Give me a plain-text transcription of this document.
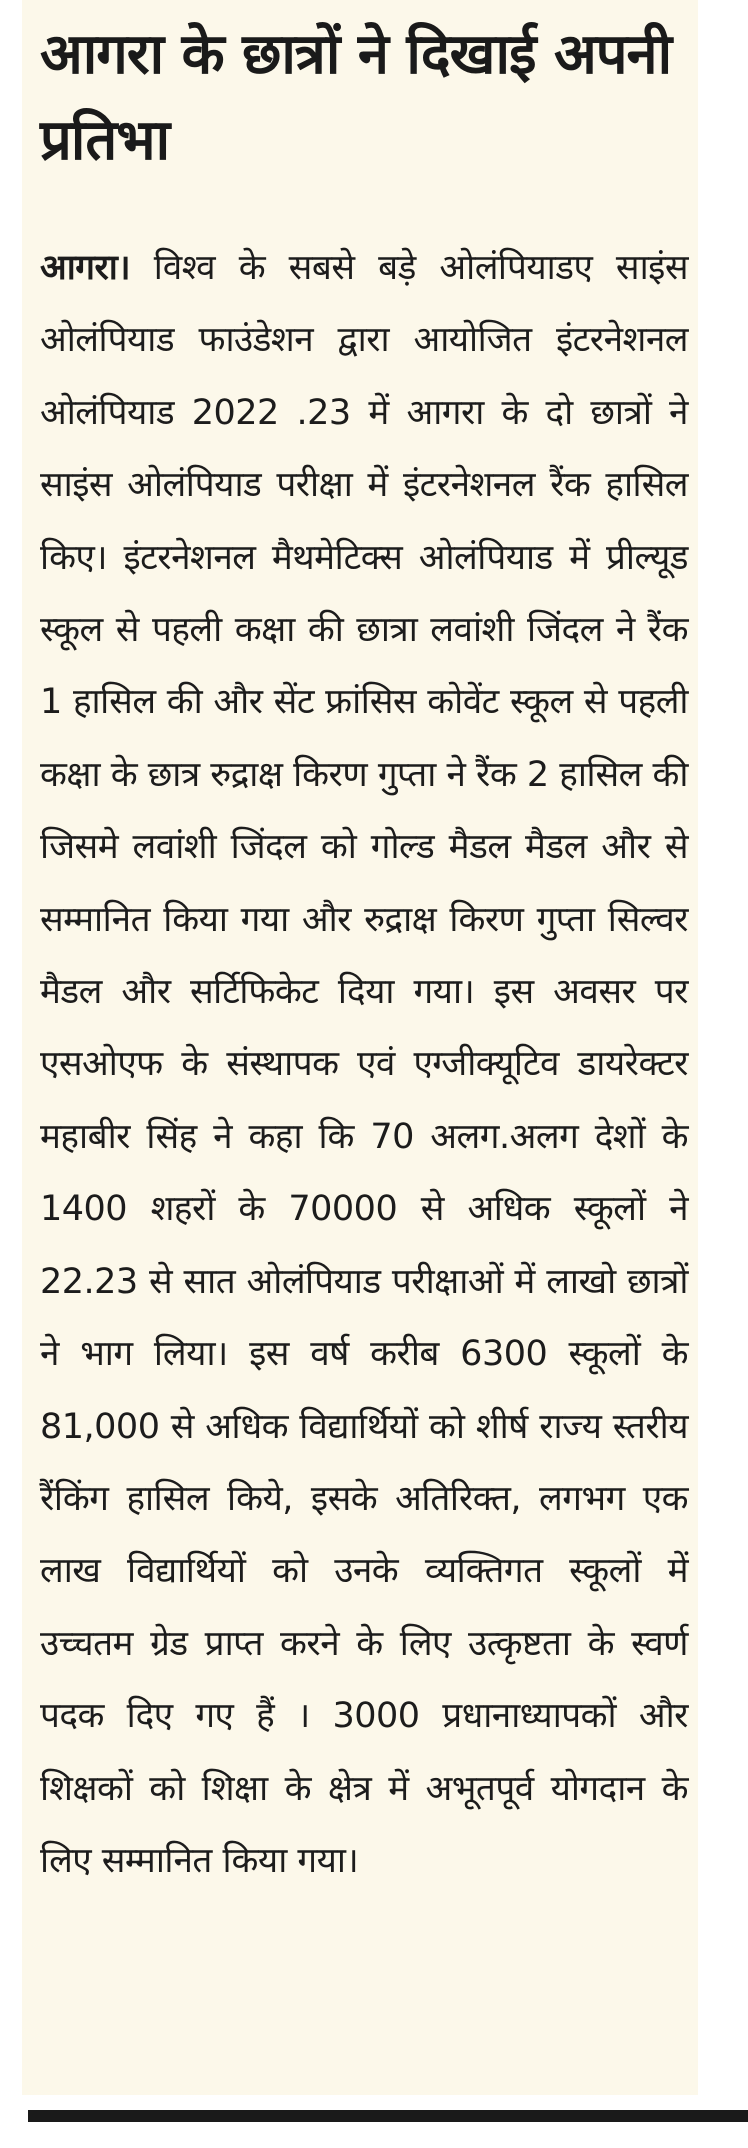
आगरा के छात्रों ने दिखाई अपनी प्रतिभा

आगरा। विश्व के सबसे बड़े ओलंपियाडए साइंस ओलंपियाड फाउंडेशन द्वारा आयोजित इंटरनेशनल ओलंपियाड 2022 .23 में आगरा के दो छात्रों ने साइंस ओलंपियाड परीक्षा में इंटरनेशनल रैंक हासिल किए। इंटरनेशनल मैथमेटिक्स ओलंपियाड में प्रील्यूड स्कूल से पहली कक्षा की छात्रा लवांशी जिंदल ने रैंक 1 हासिल की और सेंट फ्रांसिस कोवेंट स्कूल से पहली कक्षा के छात्र रुद्राक्ष किरण गुप्ता ने रैंक 2 हासिल की जिसमे लवांशी जिंदल को गोल्ड मैडल मैडल और से सम्मानित किया गया और रुद्राक्ष किरण गुप्ता सिल्वर मैडल और सर्टिफिकेट दिया गया। इस अवसर पर एसओएफ के संस्थापक एवं एग्जीक्यूटिव डायरेक्टर महाबीर सिंह ने कहा कि 70 अलग.अलग देशों के 1400 शहरों के 70000 से अधिक स्कूलों ने 22.23 से सात ओलंपियाड परीक्षाओं में लाखो छात्रों ने भाग लिया। इस वर्ष करीब 6300 स्कूलों के 81,000 से अधिक विद्यार्थियों को शीर्ष राज्य स्तरीय रैंकिंग हासिल किये, इसके अतिरिक्त, लगभग एक लाख विद्यार्थियों को उनके व्यक्तिगत स्कूलों में उच्चतम ग्रेड प्राप्त करने के लिए उत्कृष्टता के स्वर्ण पदक दिए गए हैं । 3000 प्रधानाध्यापकों और शिक्षकों को शिक्षा के क्षेत्र में अभूतपूर्व योगदान के लिए सम्मानित किया गया।
